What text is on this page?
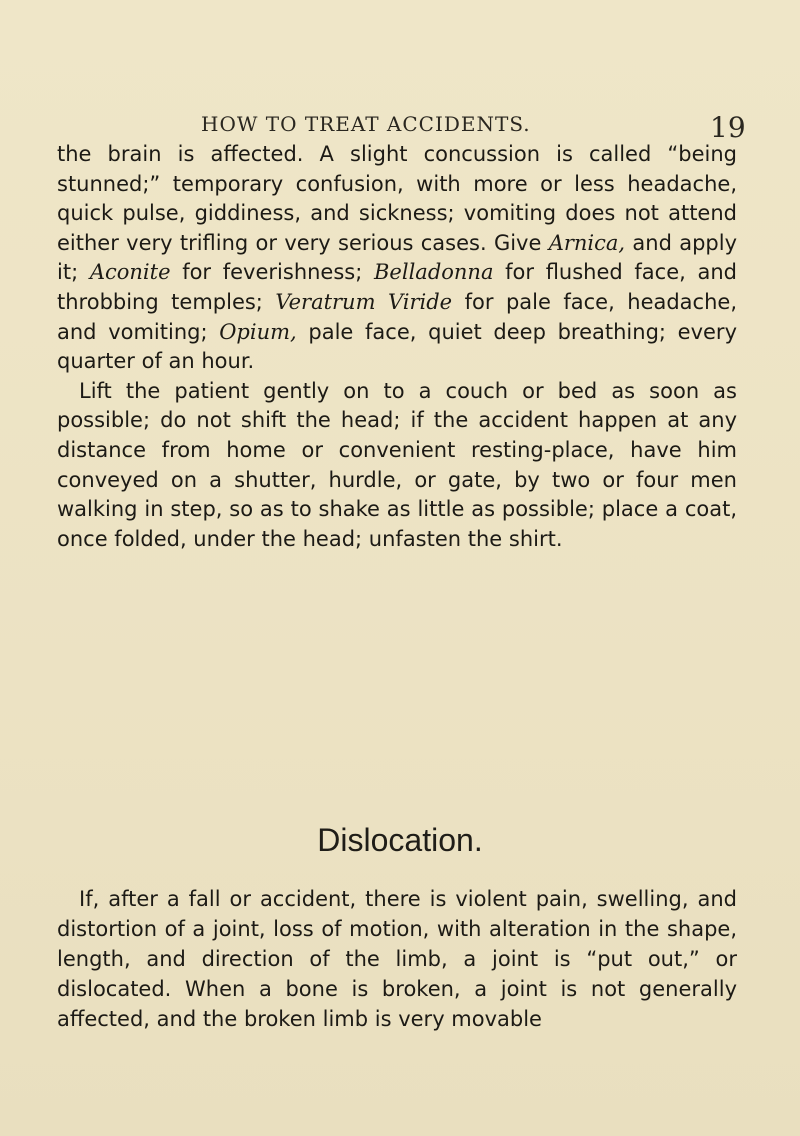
HOW TO TREAT ACCIDENTS.	19

the brain is affected. A slight concussion is called “being stunned;” temporary confusion, with more or less headache, quick pulse, giddiness, and sickness; vomiting does not attend either very trifling or very serious cases. Give Arnica, and apply it; Aconite for feverishness; Belladonna for flushed face, and throbbing temples; Veratrum Viride for pale face, headache, and vomiting; Opium, pale face, quiet deep breathing; every quarter of an hour.

Lift the patient gently on to a couch or bed as soon as possible; do not shift the head; if the accident happen at any distance from home or convenient resting-place, have him conveyed on a shutter, hurdle, or gate, by two or four men walking in step, so as to shake as little as possible; place a coat, once folded, under the head; unfasten the shirt.

Dislocation.

If, after a fall or accident, there is violent pain, swelling, and distortion of a joint, loss of motion, with alteration in the shape, length, and direction of the limb, a joint is “put out,” or dislocated. When a bone is broken, a joint is not generally affected, and the broken limb is very movable
